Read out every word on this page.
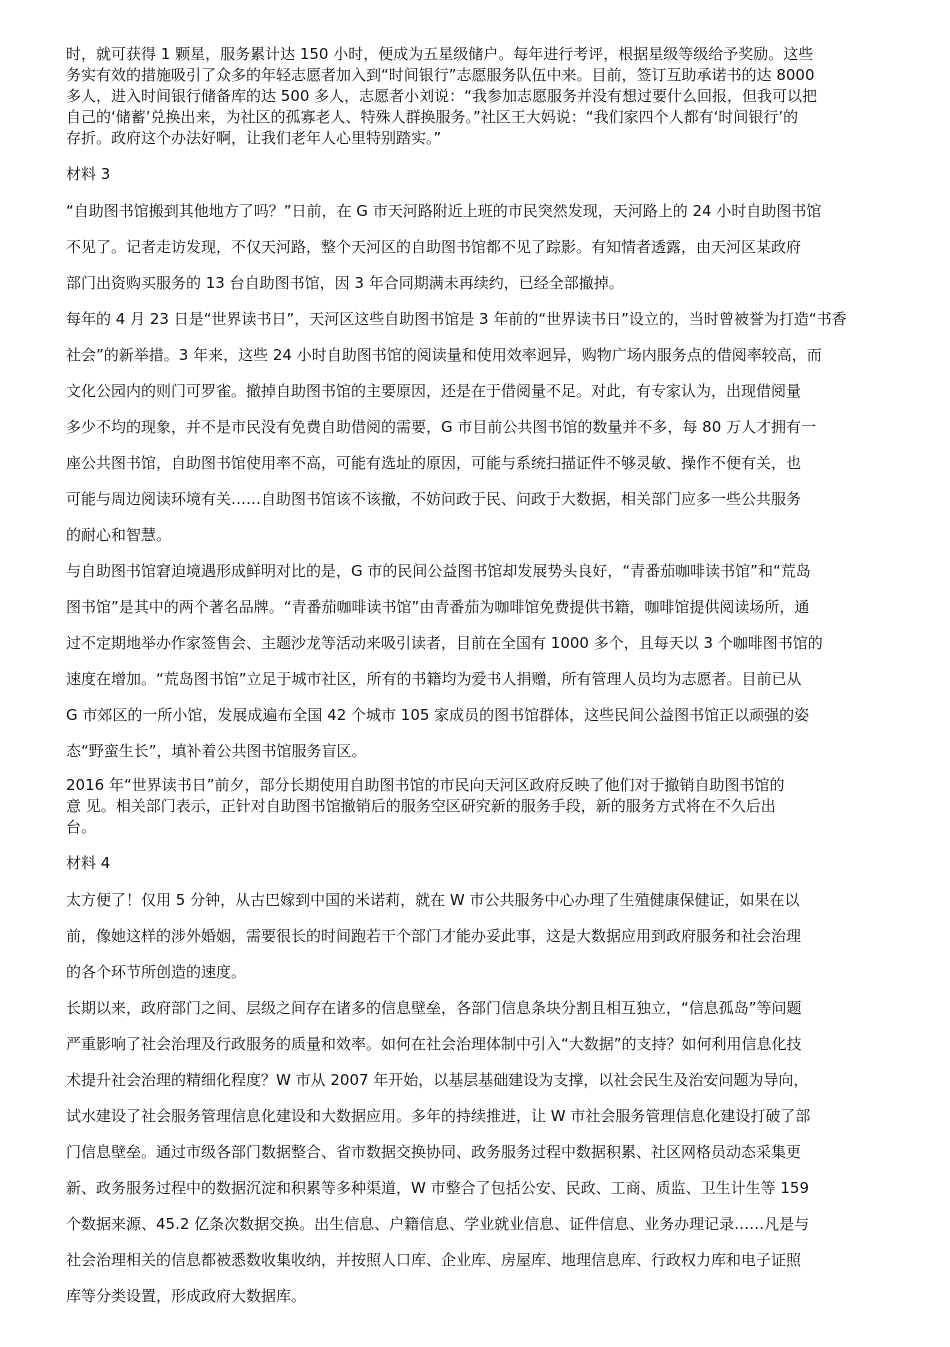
时，就可获得 1 颗星，服务累计达 150 小时，便成为五星级储户。每年进行考评，根据星级等级给予奖励。这些
务实有效的措施吸引了众多的年轻志愿者加入到“时间银行”志愿服务队伍中来。目前，签订互助承诺书的达 8000
多人，进入时间银行储备库的达 500 多人，志愿者小刘说：“我参加志愿服务并没有想过要什么回报，但我可以把
自己的‘储蓄’兑换出来，为社区的孤寡老人、特殊人群换服务。”社区王大妈说：“我们家四个人都有‘时间银行’的
存折。政府这个办法好啊，让我们老年人心里特别踏实。”
材料 3
“自助图书馆搬到其他地方了吗？”日前，在 G 市天河路附近上班的市民突然发现，天河路上的 24 小时自助图书馆
不见了。记者走访发现，不仅天河路，整个天河区的自助图书馆都不见了踪影。有知情者透露，由天河区某政府
部门出资购买服务的 13 台自助图书馆，因 3 年合同期满未再续约，已经全部撤掉。
每年的 4 月 23 日是“世界读书日”，天河区这些自助图书馆是 3 年前的“世界读书日”设立的，当时曾被誉为打造“书香
社会”的新举措。3 年来，这些 24 小时自助图书馆的阅读量和使用效率迥异，购物广场内服务点的借阅率较高，而
文化公园内的则门可罗雀。撤掉自助图书馆的主要原因，还是在于借阅量不足。对此，有专家认为，出现借阅量
多少不均的现象，并不是市民没有免费自助借阅的需要，G 市目前公共图书馆的数量并不多，每 80 万人才拥有一
座公共图书馆，自助图书馆使用率不高，可能有选址的原因，可能与系统扫描证件不够灵敏、操作不便有关，也
可能与周边阅读环境有关……自助图书馆该不该撤，不妨问政于民、问政于大数据，相关部门应多一些公共服务
的耐心和智慧。
与自助图书馆窘迫境遇形成鲜明对比的是，G 市的民间公益图书馆却发展势头良好，“青番茄咖啡读书馆”和“荒岛
图书馆”是其中的两个著名品牌。“青番茄咖啡读书馆”由青番茄为咖啡馆免费提供书籍，咖啡馆提供阅读场所，通
过不定期地举办作家签售会、主题沙龙等活动来吸引读者，目前在全国有 1000 多个，且每天以 3 个咖啡图书馆的
速度在增加。“荒岛图书馆”立足于城市社区，所有的书籍均为爱书人捐赠，所有管理人员均为志愿者。目前已从
G 市郊区的一所小馆，发展成遍布全国 42 个城市 105 家成员的图书馆群体，这些民间公益图书馆正以顽强的姿
态“野蛮生长”，填补着公共图书馆服务盲区。
2016 年“世界读书日”前夕，部分长期使用自助图书馆的市民向天河区政府反映了他们对于撤销自助图书馆的
意 见。相关部门表示，正针对自助图书馆撤销后的服务空区研究新的服务手段，新的服务方式将在不久后出
台。
材料 4
太方便了！仅用 5 分钟，从古巴嫁到中国的米诺莉，就在 W 市公共服务中心办理了生殖健康保健证，如果在以
前，像她这样的涉外婚姻，需要很长的时间跑若干个部门才能办妥此事，这是大数据应用到政府服务和社会治理
的各个环节所创造的速度。
长期以来，政府部门之间、层级之间存在诸多的信息壁垒，各部门信息条块分割且相互独立，“信息孤岛”等问题
严重影响了社会治理及行政服务的质量和效率。如何在社会治理体制中引入“大数据”的支持？如何利用信息化技
术提升社会治理的精细化程度？W 市从 2007 年开始，以基层基础建设为支撑，以社会民生及治安问题为导向，
试水建设了社会服务管理信息化建设和大数据应用。多年的持续推进，让 W 市社会服务管理信息化建设打破了部
门信息壁垒。通过市级各部门数据整合、省市数据交换协同、政务服务过程中数据积累、社区网格员动态采集更
新、政务服务过程中的数据沉淀和积累等多种渠道，W 市整合了包括公安、民政、工商、质监、卫生计生等 159
个数据来源、45.2 亿条次数据交换。出生信息、户籍信息、学业就业信息、证件信息、业务办理记录……凡是与
社会治理相关的信息都被悉数收集收纳，并按照人口库、企业库、房屋库、地理信息库、行政权力库和电子证照
库等分类设置，形成政府大数据库。
